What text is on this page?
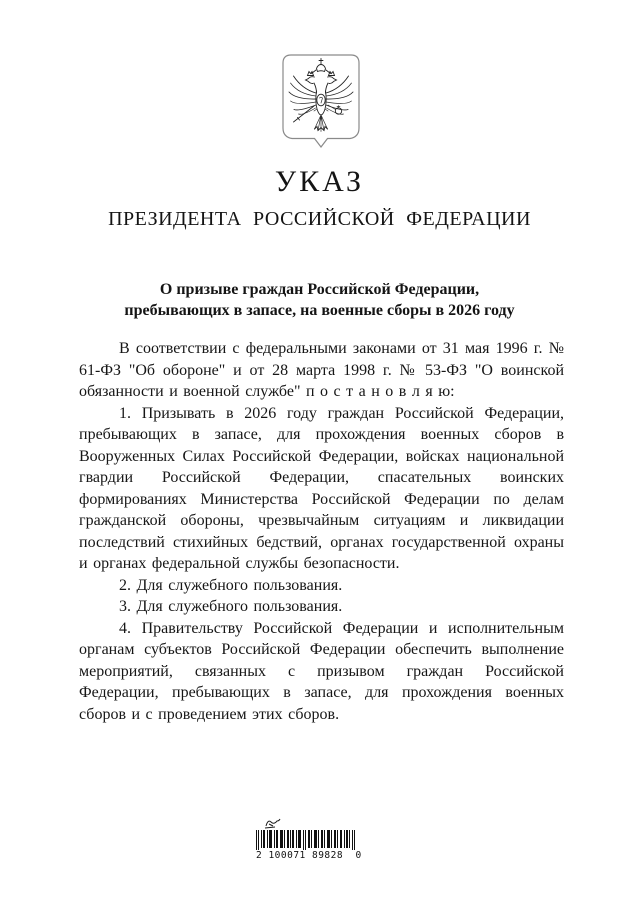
УКАЗ
ПРЕЗИДЕНТА РОССИЙСКОЙ ФЕДЕРАЦИИ
О призыве граждан Российской Федерации,
пребывающих в запасе, на военные сборы в 2026 году

В соответствии с федеральными законами от 31 мая 1996 г. № 61-ФЗ "Об обороне" и от 28 марта 1998 г. № 53-ФЗ "О воинской обязанности и военной службе" п о с т а н о в л я ю:

1. Призывать в 2026 году граждан Российской Федерации, пребывающих в запасе, для прохождения военных сборов в Вооруженных Силах Российской Федерации, войсках национальной гвардии Российской Федерации, спасательных воинских формированиях Министерства Российской Федерации по делам гражданской обороны, чрезвычайным ситуациям и ликвидации последствий стихийных бедствий, органах государственной охраны и органах федеральной службы безопасности.

2. Для служебного пользования.

3. Для служебного пользования.

4. Правительству Российской Федерации и исполнительным органам субъектов Российской Федерации обеспечить выполнение мероприятий, связанных с призывом граждан Российской Федерации, пребывающих в запасе, для прохождения военных сборов и с проведением этих сборов.

2 100071 89828  0
